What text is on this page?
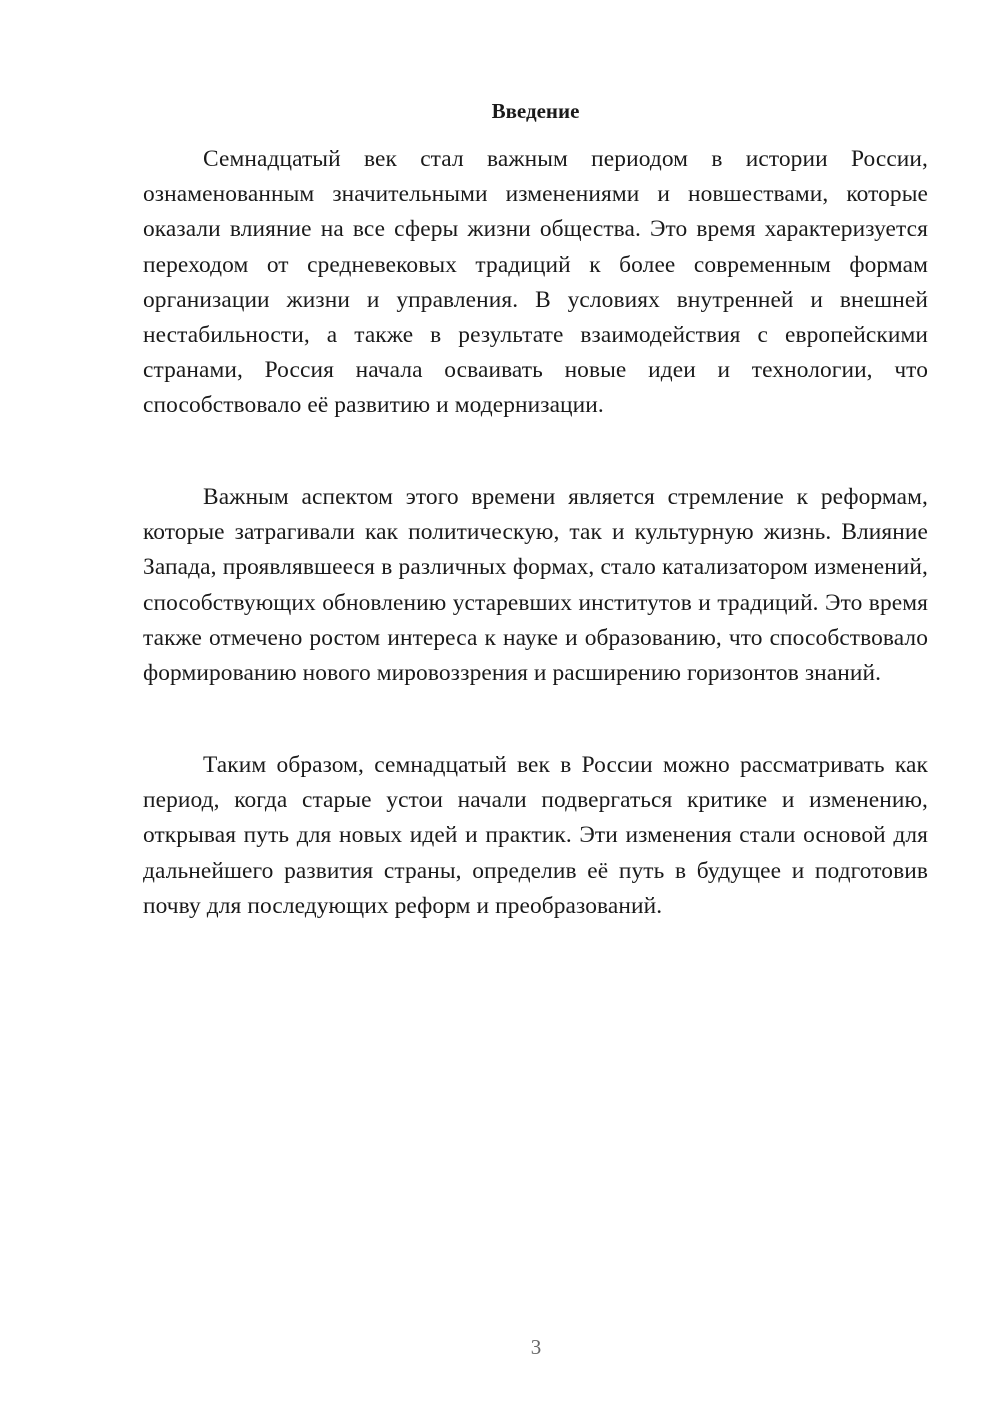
Введение

Семнадцатый век стал важным периодом в истории России, ознаменованным значительными изменениями и новшествами, которые оказали влияние на все сферы жизни общества. Это время характеризуется переходом от средневековых традиций к более современным формам организации жизни и управления. В условиях внутренней и внешней нестабильности, а также в результате взаимодействия с европейскими странами, Россия начала осваивать новые идеи и технологии, что способствовало её развитию и модернизации.

Важным аспектом этого времени является стремление к реформам, которые затрагивали как политическую, так и культурную жизнь. Влияние Запада, проявлявшееся в различных формах, стало катализатором изменений, способствующих обновлению устаревших институтов и традиций. Это время также отмечено ростом интереса к науке и образованию, что способствовало формированию нового мировоззрения и расширению горизонтов знаний.

Таким образом, семнадцатый век в России можно рассматривать как период, когда старые устои начали подвергаться критике и изменению, открывая путь для новых идей и практик. Эти изменения стали основой для дальнейшего развития страны, определив её путь в будущее и подготовив почву для последующих реформ и преобразований.

3
